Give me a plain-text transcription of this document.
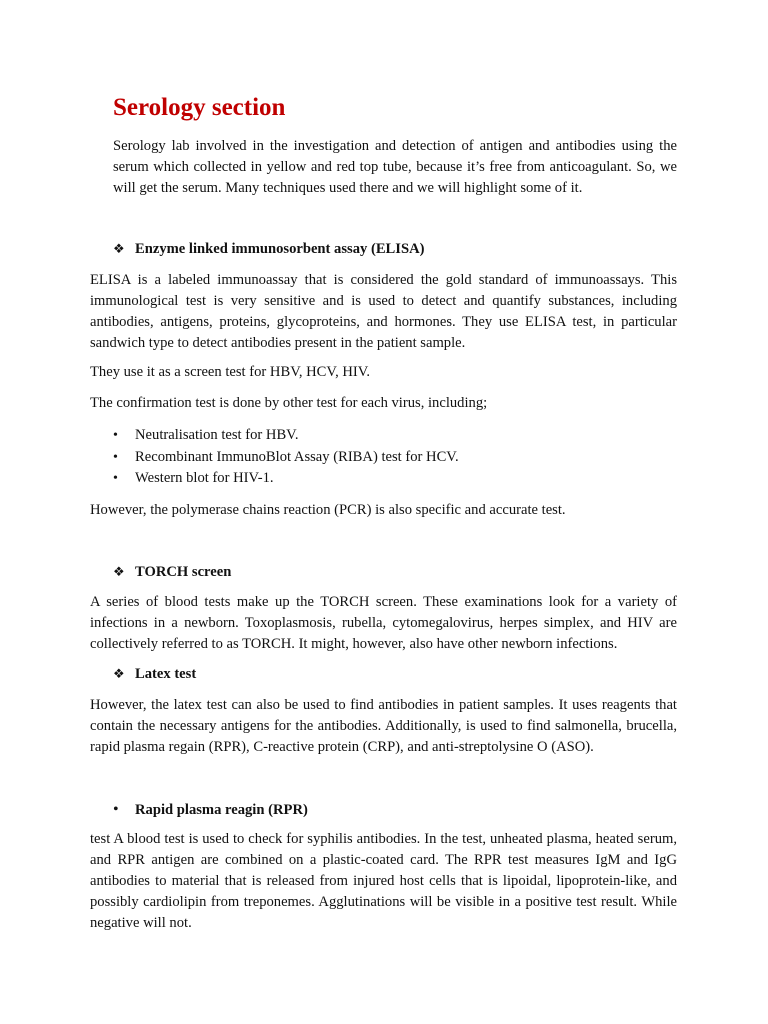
Serology section

Serology lab involved in the investigation and detection of antigen and antibodies using the serum which collected in yellow and red top tube, because it’s free from anticoagulant. So, we will get the serum. Many techniques used there and we will highlight some of it.

❖ Enzyme linked immunosorbent assay (ELISA)

ELISA is a labeled immunoassay that is considered the gold standard of immunoassays. This immunological test is very sensitive and is used to detect and quantify substances, including antibodies, antigens, proteins, glycoproteins, and hormones. They use ELISA test, in particular sandwich type to detect antibodies present in the patient sample.

They use it as a screen test for HBV, HCV, HIV.

The confirmation test is done by other test for each virus, including;

•	Neutralisation test for HBV.
•	Recombinant ImmunoBlot Assay (RIBA) test for HCV.
•	Western blot for HIV-1.

However, the polymerase chains reaction (PCR) is also specific and accurate test.

❖ TORCH screen

A series of blood tests make up the TORCH screen. These examinations look for a variety of infections in a newborn. Toxoplasmosis, rubella, cytomegalovirus, herpes simplex, and HIV are collectively referred to as TORCH. It might, however, also have other newborn infections.

❖ Latex test

However, the latex test can also be used to find antibodies in patient samples. It uses reagents that contain the necessary antigens for the antibodies. Additionally, is used to find salmonella, brucella, rapid plasma regain (RPR), C-reactive protein (CRP), and anti-streptolysine O (ASO).

•	Rapid plasma reagin (RPR)

test A blood test is used to check for syphilis antibodies. In the test, unheated plasma, heated serum, and RPR antigen are combined on a plastic-coated card. The RPR test measures IgM and IgG antibodies to material that is released from injured host cells that is lipoidal, lipoprotein-like, and possibly cardiolipin from treponemes. Agglutinations will be visible in a positive test result. While negative will not.
